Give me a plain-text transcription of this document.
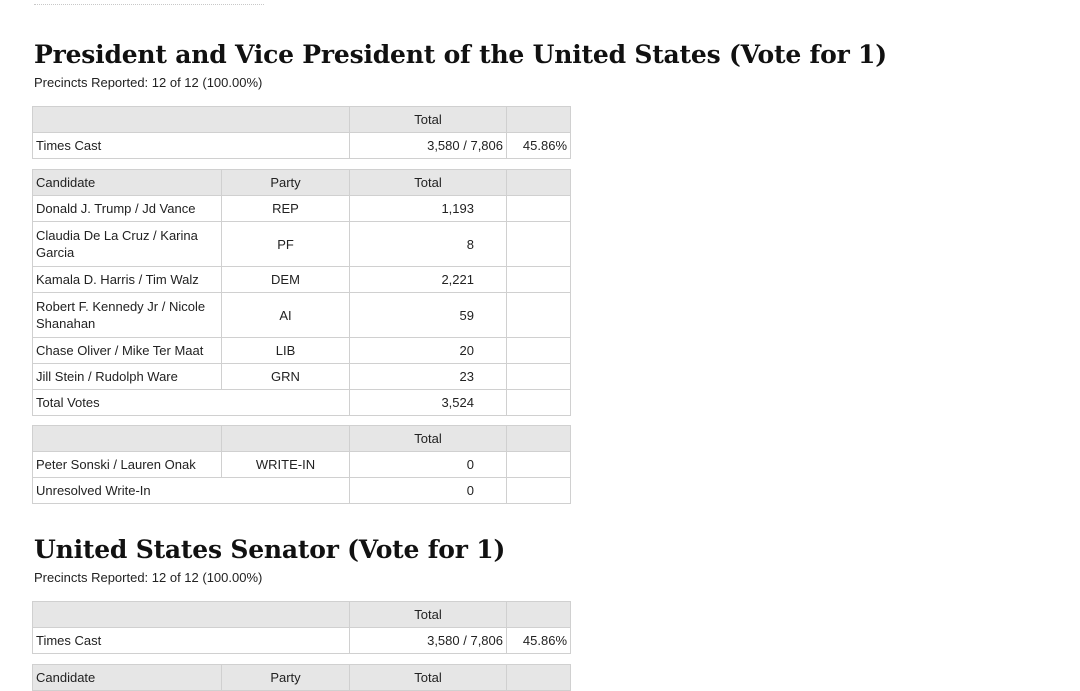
President and Vice President of the United States (Vote for 1)
Precincts Reported: 12 of 12 (100.00%)
	Total	
Times Cast	3,580 / 7,806	45.86%
Candidate	Party	Total	
Donald J. Trump / Jd Vance	REP	1,193	
Claudia De La Cruz / Karina Garcia	PF	8	
Kamala D. Harris / Tim Walz	DEM	2,221	
Robert F. Kennedy Jr / Nicole Shanahan	AI	59	
Chase Oliver / Mike Ter Maat	LIB	20	
Jill Stein / Rudolph Ware	GRN	23	
Total Votes		3,524	
		Total	
Peter Sonski / Lauren Onak	WRITE-IN	0	
Unresolved Write-In		0	
United States Senator (Vote for 1)
Precincts Reported: 12 of 12 (100.00%)
	Total	
Times Cast	3,580 / 7,806	45.86%
Candidate	Party	Total	
